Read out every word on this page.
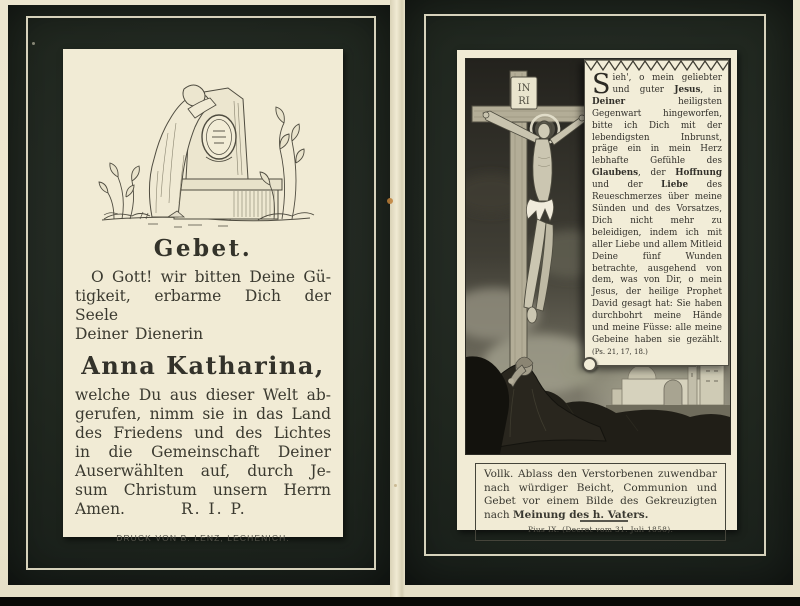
Gebet.
O Gott! wir bitten Deine Gü-
tigkeit, erbarme Dich der Seele
Deiner Dienerin
Anna Katharina,
welche Du aus dieser Welt ab-
gerufen, nimm sie in das Land
des Friedens und des Lichtes
in die Gemeinschaft Deiner
Auserwählten auf, durch Je-
sum Christum unsern Herrn
Amen.	R. I. P.
DRUCK VON B. LENZ, LECHENICH.
IN
RI
Sieh', o mein geliebter und guter Jesus, in Deiner heiligsten Gegenwart hingeworfen, bitte ich Dich mit der lebendigsten Inbrunst, präge ein in mein Herz lebhafte Gefühle des Glaubens, der Hoffnung und der Liebe des Reueschmerzes über meine Sünden und des Vorsatzes, Dich nicht mehr zu beleidigen, indem ich mit aller Liebe und allem Mitleid Deine fünf Wunden betrachte, ausgehend von dem, was von Dir, o mein Jesus, der heilige Prophet David gesagt hat: Sie haben durchbohrt meine Hände und meine Füsse: alle meine Gebeine haben sie gezählt. (Ps. 21, 17, 18.)
Vollk. Ablass den Verstorbenen zuwendbar nach würdiger Beicht, Communion und Gebet vor einem Bilde des Gekreuzigten nach Meinung des h. Vaters.
Pius IX. (Decret vom 31. Juli 1858).
